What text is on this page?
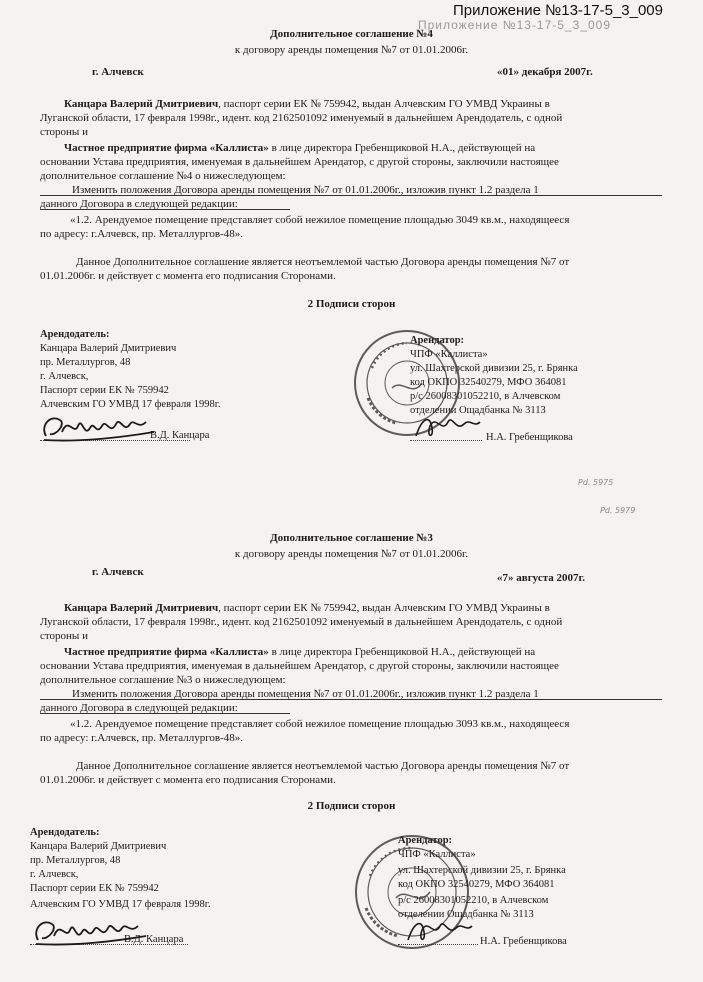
Приложение №13-17-5_3_009
Приложение №13-17-5_3_009
Дополнительное соглашение №4
к договору аренды помещения №7 от 01.01.2006г.
г. Алчевск	«01» декабря 2007г.
Канцара Валерий Дмитриевич, паспорт серии ЕК № 759942, выдан Алчевским ГО УМВД Украины в
Луганской области, 17 февраля 1998г., идент. код 2162501092 именуемый в дальнейшем Арендодатель, с одной
стороны и
Частное предприятие фирма «Каллиста» в лице директора Гребенщиковой Н.А., действующей на
основании Устава предприятия, именуемая в дальнейшем Арендатор, с другой стороны, заключили настоящее
дополнительное соглашение №4 о нижеследующем:
Изменить положения Договора аренды помещения №7 от 01.01.2006г., изложив пункт 1.2 раздела 1
данного Договора в следующей редакции:
«1.2. Арендуемое помещение представляет собой нежилое помещение площадью 3049 кв.м., находящееся
по адресу: г.Алчевск, пр. Металлургов-48».
Данное Дополнительное соглашение является неотъемлемой частью Договора аренды помещения №7 от
01.01.2006г. и действует с момента его подписания Сторонами.
2 Подписи сторон
Арендодатель:
Канцара Валерий Дмитриевич
пр. Металлургов, 48
г. Алчевск,
Паспорт серии ЕК № 759942
Алчевским ГО УМВД 17 февраля 1998г.
В.Д. Канцара
Арендатор:
ЧПФ «Каллиста»
ул. Шахтерской дивизии 25, г. Брянка
код ОКПО 32540279, МФО 364081
р/с 26008301052210, в Алчевском
отделении Ощадбанка № 3113
Н.А. Гребенщикова
Pd. 5975
Pd. 5979
Дополнительное соглашение №3
к договору аренды помещения №7 от 01.01.2006г.
г. Алчевск	«7» августа 2007г.
Канцара Валерий Дмитриевич, паспорт серии ЕК № 759942, выдан Алчевским ГО УМВД Украины в
Луганской области, 17 февраля 1998г., идент. код 2162501092 именуемый в дальнейшем Арендодатель, с одной
стороны и
Частное предприятие фирма «Каллиста» в лице директора Гребенщиковой Н.А., действующей на
основании Устава предприятия, именуемая в дальнейшем Арендатор, с другой стороны, заключили настоящее
дополнительное соглашение №3 о нижеследующем:
Изменить положения Договора аренды помещения №7 от 01.01.2006г., изложив пункт 1.2 раздела 1
данного Договора в следующей редакции:
«1.2. Арендуемое помещение представляет собой нежилое помещение площадью 3093 кв.м., находящееся
по адресу: г.Алчевск, пр. Металлургов-48».
Данное Дополнительное соглашение является неотъемлемой частью Договора аренды помещения №7 от
01.01.2006г. и действует с момента его подписания Сторонами.
2 Подписи сторон
Арендодатель:
Канцара Валерий Дмитриевич
пр. Металлургов, 48
г. Алчевск,
Паспорт серии ЕК № 759942
Алчевским ГО УМВД 17 февраля 1998г.
В.Д. Канцара
Арендатор:
ЧПФ «Каллиста»
ул. Шахтерской дивизии 25, г. Брянка
код ОКПО 32540279, МФО 364081
р/с 26008301052210, в Алчевском
отделении Ощадбанка № 3113
Н.А. Гребенщикова
